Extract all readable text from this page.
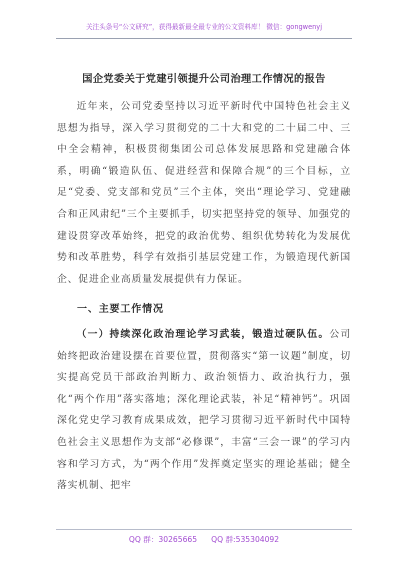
关注头条号“公文研究”，获得最新最全最专业的公文资料库！ 微信：gongwenyj
国企党委关于党建引领提升公司治理工作情况的报告

近年来，公司党委坚持以习近平新时代中国特色社会主义思想为指导，深入学习贯彻党的二十大和党的二十届二中、三中全会精神，积极贯彻集团公司总体发展思路和党建融合体系，明确“锻造队伍、促进经营和保障合规”的三个目标，立足“党委、党支部和党员”三个主体，突出“理论学习、党建融合和正风肃纪”三个主要抓手，切实把坚持党的领导、加强党的建设贯穿改革始终，把党的政治优势、组织优势转化为发展优势和改革胜势，科学有效指引基层党建工作，为锻造现代新国企、促进企业高质量发展提供有力保证。

一、主要工作情况

（一）持续深化政治理论学习武装，锻造过硬队伍。公司始终把政治建设摆在首要位置，贯彻落实“第一议题”制度，切实提高党员干部政治判断力、政治领悟力、政治执行力，强化“两个作用”落实落地；深化理论武装，补足“精神钙”。巩固深化党史学习教育成果成效，把学习贯彻习近平新时代中国特色社会主义思想作为支部“必修课”，丰富“三会一课”的学习内容和学习方式，为“两个作用”发挥奠定坚实的理论基础；健全落实机制、把牢

QQ 群：30265665 QQ 群:535304092
